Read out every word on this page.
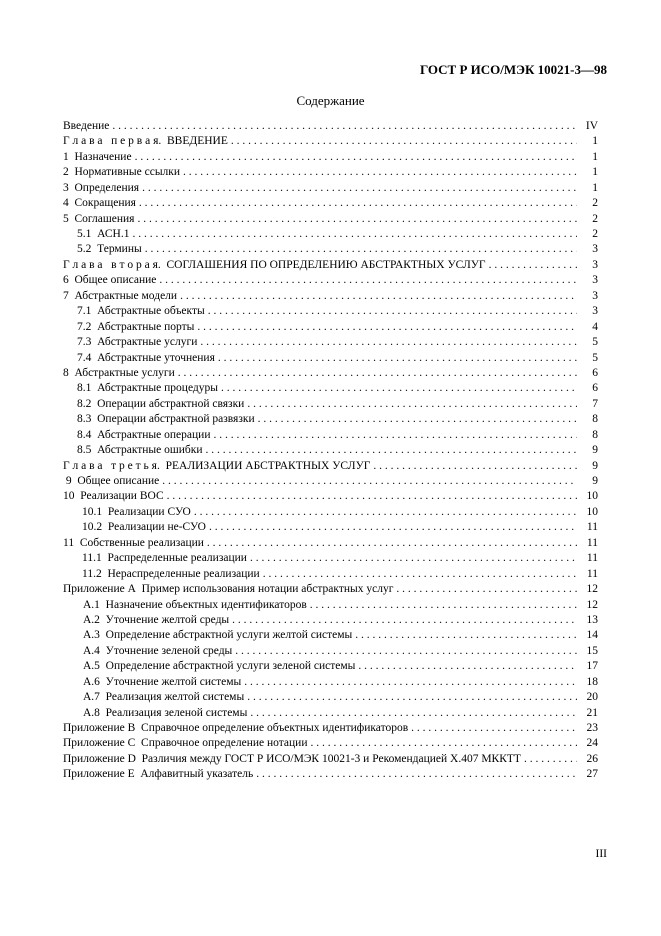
ГОСТ Р ИСО/МЭК 10021-3—98
Содержание
Введение . . .	IV
Г л а в а   п е р в а я.  ВВЕДЕНИЕ . . .	1
1  Назначение . . .	1
2  Нормативные ссылки . . .	1
3  Определения . . .	1
4  Сокращения . . .	2
5  Соглашения . . .	2
5.1  АСН.1 . . .	2
5.2  Термины . . .	3
Г л а в а   в т о р а я.  СОГЛАШЕНИЯ ПО ОПРЕДЕЛЕНИЮ АБСТРАКТНЫХ УСЛУГ . . .	3
6  Общее описание . . .	3
7  Абстрактные модели . . .	3
7.1  Абстрактные объекты . . .	3
7.2  Абстрактные порты . . .	4
7.3  Абстрактные услуги . . .	5
7.4  Абстрактные уточнения . . .	5
8  Абстрактные услуги . . .	6
8.1  Абстрактные процедуры . . .	6
8.2  Операции абстрактной связки . . .	7
8.3  Операции абстрактной развязки . . .	8
8.4  Абстрактные операции . . .	8
8.5  Абстрактные ошибки . . .	9
Г л а в а   т р е т ь я.  РЕАЛИЗАЦИИ АБСТРАКТНЫХ УСЛУГ . . .	9
9  Общее описание . . .	9
10  Реализации ВОС . . .	10
10.1  Реализации СУО . . .	10
10.2  Реализации не-СУО . . .	11
11  Собственные реализации . . .	11
11.1  Распределенные реализации . . .	11
11.2  Нераспределенные реализации . . .	11
Приложение А  Пример использования нотации абстрактных услуг . . .	12
А.1  Назначение объектных идентификаторов . . .	12
А.2  Уточнение желтой среды . . .	13
А.3  Определение абстрактной услуги желтой системы . . .	14
А.4  Уточнение зеленой среды . . .	15
А.5  Определение абстрактной услуги зеленой системы . . .	17
А.6  Уточнение желтой системы . . .	18
А.7  Реализация желтой системы . . .	20
А.8  Реализация зеленой системы . . .	21
Приложение В  Справочное определение объектных идентификаторов . . .	23
Приложение С  Справочное определение нотации . . .	24
Приложение D  Различия между ГОСТ Р ИСО/МЭК 10021-3 и Рекомендацией Х.407 МККТТ . . .	26
Приложение Е  Алфавитный указатель . . .	27
III
